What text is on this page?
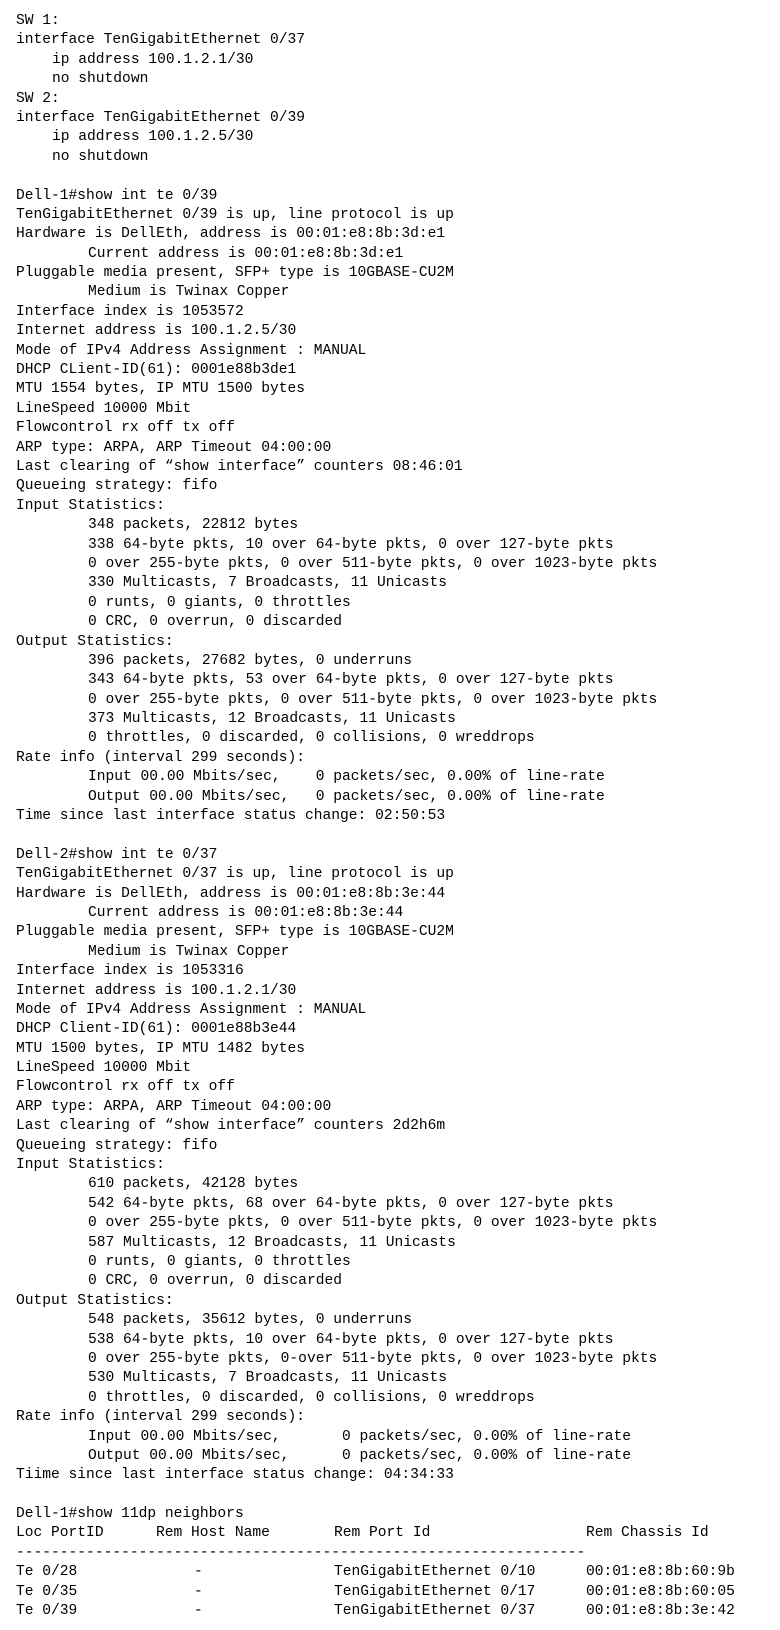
SW 1:
interface TenGigabitEthernet 0/37
ip address 100.1.2.1/30
no shutdown
SW 2:
interface TenGigabitEthernet 0/39
ip address 100.1.2.5/30
no shutdown
Dell-1#show int te 0/39
TenGigabitEthernet 0/39 is up, line protocol is up
Hardware is DellEth, address is 00:01:e8:8b:3d:e1
Current address is 00:01:e8:8b:3d:e1
Pluggable media present, SFP+ type is 10GBASE-CU2M
Medium is Twinax Copper
Interface index is 1053572
Internet address is 100.1.2.5/30
Mode of IPv4 Address Assignment : MANUAL
DHCP CLient-ID(61): 0001e88b3de1
MTU 1554 bytes, IP MTU 1500 bytes
LineSpeed 10000 Mbit
Flowcontrol rx off tx off
ARP type: ARPA, ARP Timeout 04:00:00
Last clearing of “show interface” counters 08:46:01
Queueing strategy: fifo
Input Statistics:
348 packets, 22812 bytes
338 64-byte pkts, 10 over 64-byte pkts, 0 over 127-byte pkts
0 over 255-byte pkts, 0 over 511-byte pkts, 0 over 1023-byte pkts
330 Multicasts, 7 Broadcasts, 11 Unicasts
0 runts, 0 giants, 0 throttles
0 CRC, 0 overrun, 0 discarded
Output Statistics:
396 packets, 27682 bytes, 0 underruns
343 64-byte pkts, 53 over 64-byte pkts, 0 over 127-byte pkts
0 over 255-byte pkts, 0 over 511-byte pkts, 0 over 1023-byte pkts
373 Multicasts, 12 Broadcasts, 11 Unicasts
0 throttles, 0 discarded, 0 collisions, 0 wreddrops
Rate info (interval 299 seconds):
Input 00.00 Mbits/sec,    0 packets/sec, 0.00% of line-rate
Output 00.00 Mbits/sec,   0 packets/sec, 0.00% of line-rate
Time since last interface status change: 02:50:53
Dell-2#show int te 0/37
TenGigabitEthernet 0/37 is up, line protocol is up
Hardware is DellEth, address is 00:01:e8:8b:3e:44
Current address is 00:01:e8:8b:3e:44
Pluggable media present, SFP+ type is 10GBASE-CU2M
Medium is Twinax Copper
Interface index is 1053316
Internet address is 100.1.2.1/30
Mode of IPv4 Address Assignment : MANUAL
DHCP Client-ID(61): 0001e88b3e44
MTU 1500 bytes, IP MTU 1482 bytes
LineSpeed 10000 Mbit
Flowcontrol rx off tx off
ARP type: ARPA, ARP Timeout 04:00:00
Last clearing of “show interface” counters 2d2h6m
Queueing strategy: fifo
Input Statistics:
610 packets, 42128 bytes
542 64-byte pkts, 68 over 64-byte pkts, 0 over 127-byte pkts
0 over 255-byte pkts, 0 over 511-byte pkts, 0 over 1023-byte pkts
587 Multicasts, 12 Broadcasts, 11 Unicasts
0 runts, 0 giants, 0 throttles
0 CRC, 0 overrun, 0 discarded
Output Statistics:
548 packets, 35612 bytes, 0 underruns
538 64-byte pkts, 10 over 64-byte pkts, 0 over 127-byte pkts
0 over 255-byte pkts, 0-over 511-byte pkts, 0 over 1023-byte pkts
530 Multicasts, 7 Broadcasts, 11 Unicasts
0 throttles, 0 discarded, 0 collisions, 0 wreddrops
Rate info (interval 299 seconds):
Input 00.00 Mbits/sec,       0 packets/sec, 0.00% of line-rate
Output 00.00 Mbits/sec,      0 packets/sec, 0.00% of line-rate
Tiime since last interface status change: 04:34:33
Dell-1#show 11dp neighbors
Loc PortID	Rem Host Name	Rem Port Id	Rem Chassis Id
-----------------------------------------------------------------
Te 0/28	-	TenGigabitEthernet 0/10	00:01:e8:8b:60:9b
Te 0/35	-	TenGigabitEthernet 0/17	00:01:e8:8b:60:05
Te 0/39	-	TenGigabitEthernet 0/37	00:01:e8:8b:3e:42
